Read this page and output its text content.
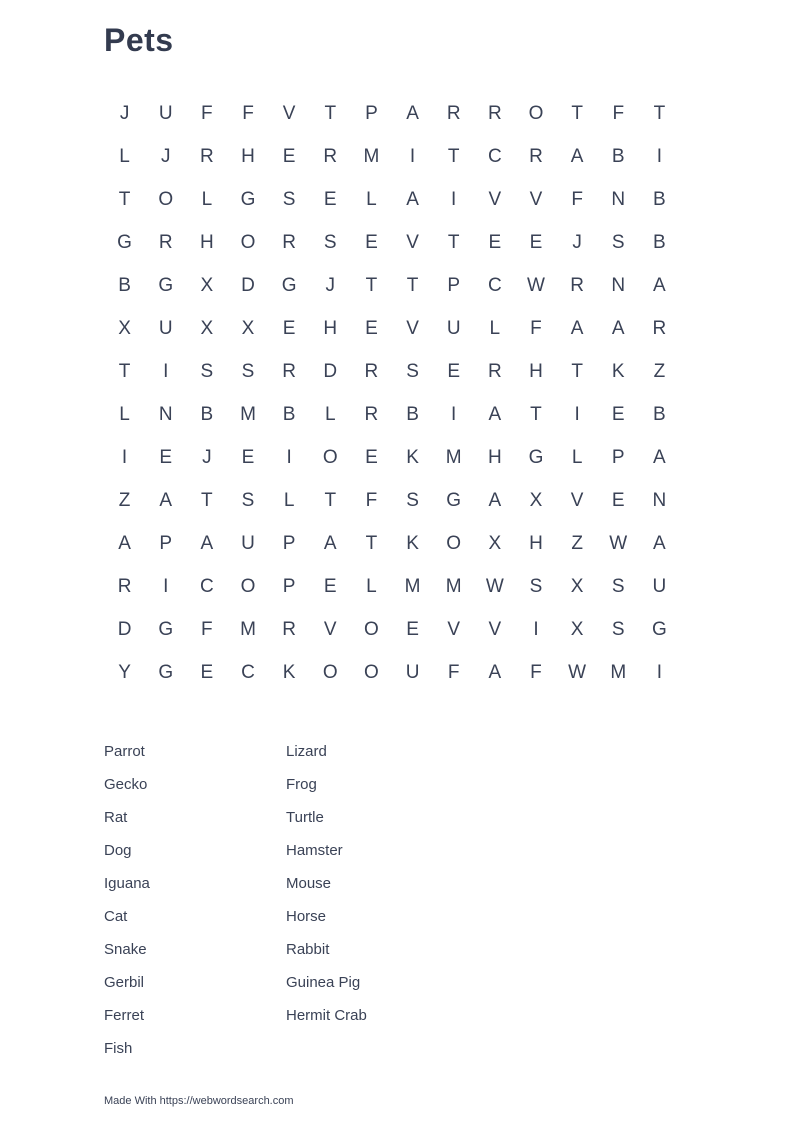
Pets
J	U	F	F	V	T	P	A	R	R	O	T	F	T
L	J	R	H	E	R	M	I	T	C	R	A	B	I
T	O	L	G	S	E	L	A	I	V	V	F	N	B
G	R	H	O	R	S	E	V	T	E	E	J	S	B
B	G	X	D	G	J	T	T	P	C	W	R	N	A
X	U	X	X	E	H	E	V	U	L	F	A	A	R
T	I	S	S	R	D	R	S	E	R	H	T	K	Z
L	N	B	M	B	L	R	B	I	A	T	I	E	B
I	E	J	E	I	O	E	K	M	H	G	L	P	A
Z	A	T	S	L	T	F	S	G	A	X	V	E	N
A	P	A	U	P	A	T	K	O	X	H	Z	W	A
R	I	C	O	P	E	L	M	M	W	S	X	S	U
D	G	F	M	R	V	O	E	V	V	I	X	S	G
Y	G	E	C	K	O	O	U	F	A	F	W	M	I
Parrot
Gecko
Rat
Dog
Iguana
Cat
Snake
Gerbil
Ferret
Fish
Lizard
Frog
Turtle
Hamster
Mouse
Horse
Rabbit
Guinea Pig
Hermit Crab
Made With https://webwordsearch.com
